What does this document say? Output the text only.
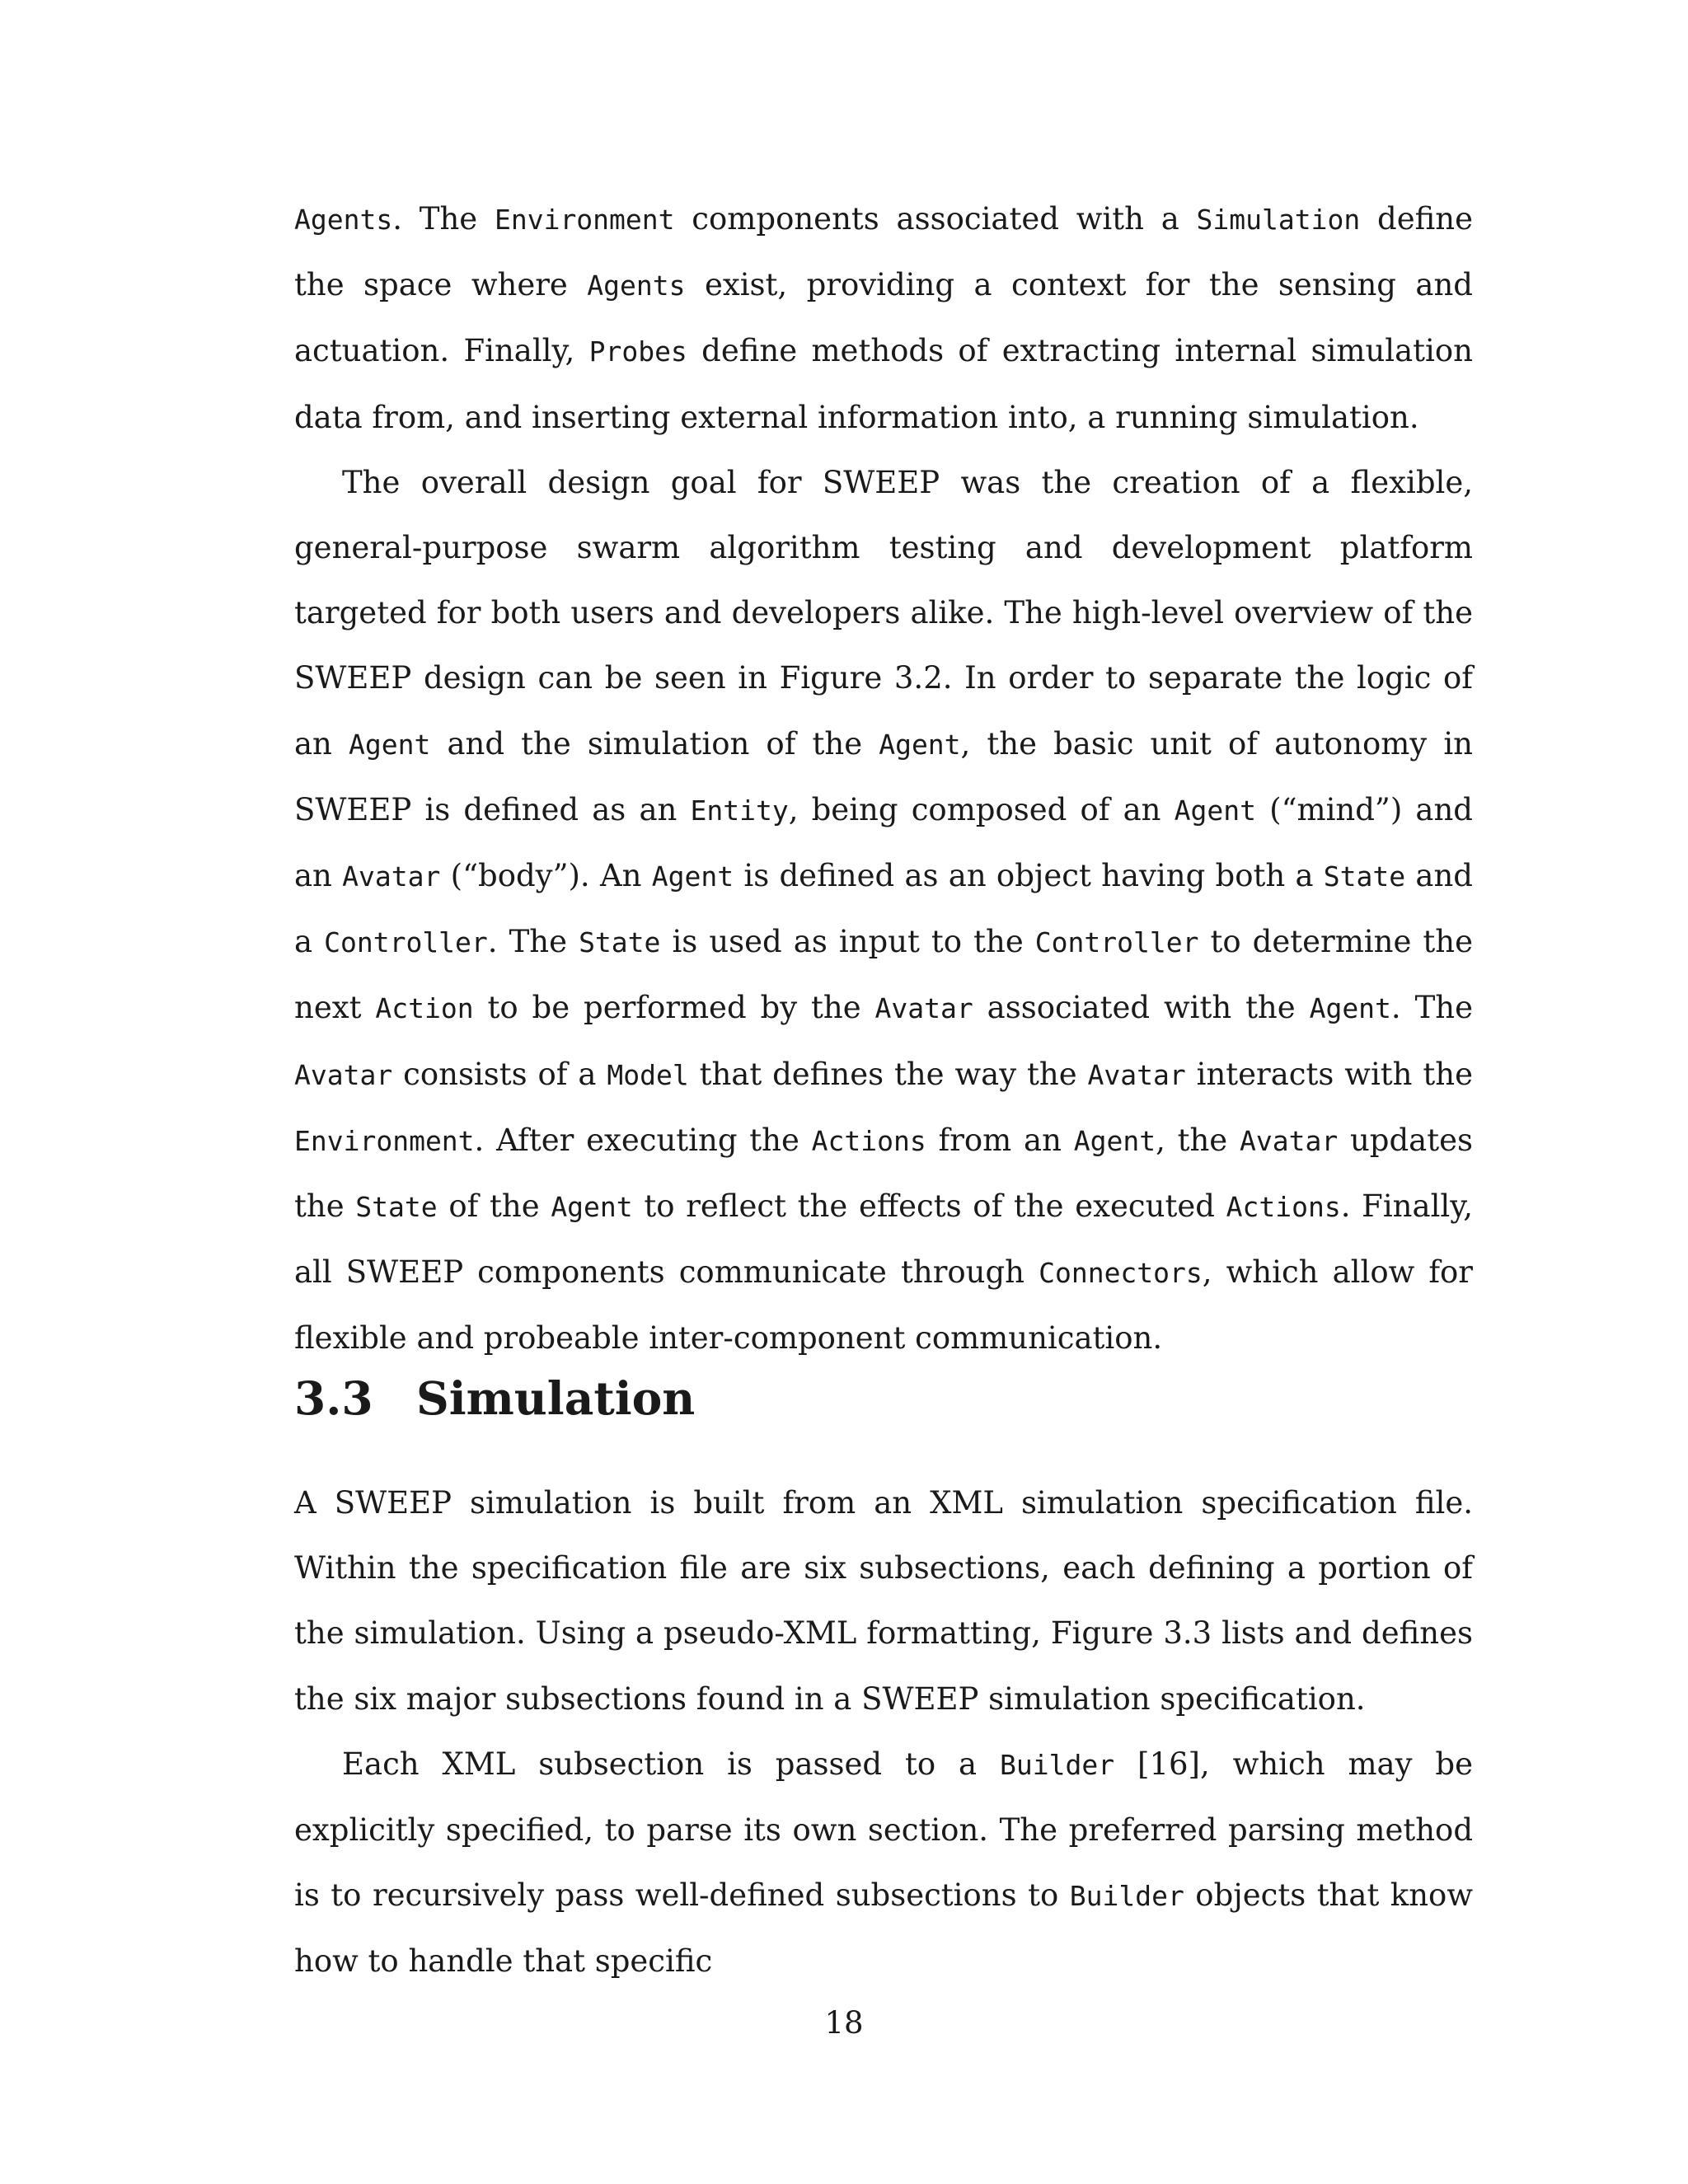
Agents. The Environment components associated with a Simulation define the space where Agents exist, providing a context for the sensing and actuation. Finally, Probes define methods of extracting internal simulation data from, and inserting external information into, a running simulation.

The overall design goal for SWEEP was the creation of a flexible, general-purpose swarm algorithm testing and development platform targeted for both users and developers alike. The high-level overview of the SWEEP design can be seen in Figure 3.2. In order to separate the logic of an Agent and the simulation of the Agent, the basic unit of autonomy in SWEEP is defined as an Entity, being composed of an Agent (“mind”) and an Avatar (“body”). An Agent is defined as an object having both a State and a Controller. The State is used as input to the Controller to determine the next Action to be performed by the Avatar associated with the Agent. The Avatar consists of a Model that defines the way the Avatar interacts with the Environment. After executing the Actions from an Agent, the Avatar updates the State of the Agent to reflect the effects of the executed Actions. Finally, all SWEEP components communicate through Connectors, which allow for flexible and probeable inter-component communication.

3.3 Simulation

A SWEEP simulation is built from an XML simulation specification file. Within the specification file are six subsections, each defining a portion of the simulation. Using a pseudo-XML formatting, Figure 3.3 lists and defines the six major subsections found in a SWEEP simulation specification.

Each XML subsection is passed to a Builder [16], which may be explicitly specified, to parse its own section. The preferred parsing method is to recursively pass well-defined subsections to Builder objects that know how to handle that specific

18
